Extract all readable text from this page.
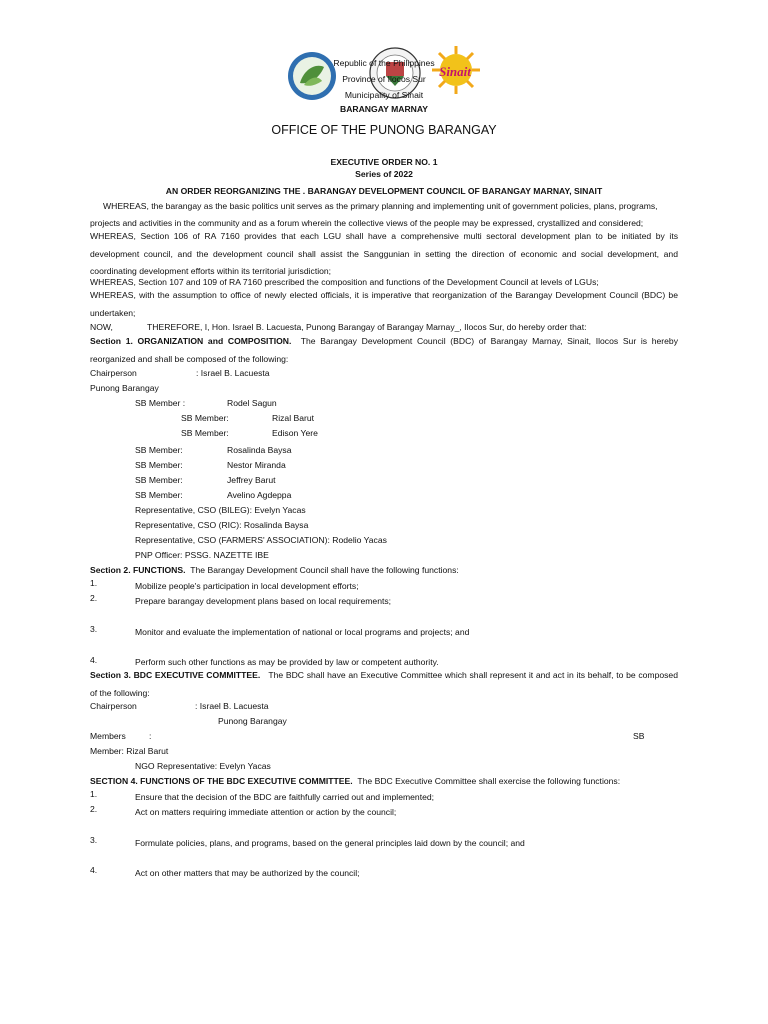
Sinait
Republic of the Philippines
Province of Ilocos Sur
Municipality of Sinait
BARANGAY MARNAY
OFFICE OF THE PUNONG BARANGAY
EXECUTIVE ORDER NO. 1
Series of 2022
AN ORDER REORGANIZING THE . BARANGAY DEVELOPMENT COUNCIL OF BARANGAY MARNAY, SINAIT
WHEREAS, the barangay as the basic politics unit serves as the primary planning and implementing unit of government policies, plans, programs,
projects and activities in the community and as a forum wherein the collective views of the people may be expressed, crystallized and considered;
WHEREAS, Section 106 of RA 7160 provides that each LGU shall have a comprehensive multi sectoral development plan to be initiated by its development council, and the development council shall assist the Sanggunian in setting the direction of economic and social development, and coordinating development efforts within its territorial jurisdiction;
WHEREAS, Section 107 and 109 of RA 7160 prescribed the composition and functions of the Development Council at levels of LGUs;
WHEREAS, with the assumption to office of newly elected officials, it is imperative that reorganization of the Barangay Development Council (BDC) be undertaken;
NOW,	THEREFORE, I, Hon. Israel B. Lacuesta, Punong Barangay of Barangay Marnay_, Ilocos Sur, do hereby order that:
Section 1. ORGANIZATION and COMPOSITION. The Barangay Development Council (BDC) of Barangay Marnay, Sinait, Ilocos Sur is hereby reorganized and shall be composed of the following:
Chairperson	: Israel B. Lacuesta
Punong Barangay
SB Member :	Rodel Sagun
SB Member:	Rizal Barut
SB Member:	Edison Yere
SB Member:	Rosalinda Baysa
SB Member:	Nestor Miranda
SB Member:	Jeffrey Barut
SB Member:	Avelino Agdeppa
Representative, CSO (BILEG): Evelyn Yacas
Representative, CSO (RIC): Rosalinda Baysa
Representative, CSO (FARMERS' ASSOCIATION): Rodelio Yacas
PNP Officer: PSSG. NAZETTE IBE
Section 2. FUNCTIONS. The Barangay Development Council shall have the following functions:
1.	Mobilize people's participation in local development efforts;
2.	Prepare barangay development plans based on local requirements;
3.	Monitor and evaluate the implementation of national or local programs and projects; and
4.	Perform such other functions as may be provided by law or competent authority.
Section 3. BDC EXECUTIVE COMMITTEE. The BDC shall have an Executive Committee which shall represent it and act in its behalf, to be composed of the following:
Chairperson	: Israel B. Lacuesta
Punong Barangay
Members	:	SB
Member: Rizal Barut
NGO Representative: Evelyn Yacas
SECTION 4. FUNCTIONS OF THE BDC EXECUTIVE COMMITTEE. The BDC Executive Committee shall exercise the following functions:
1.	Ensure that the decision of the BDC are faithfully carried out and implemented;
2.	Act on matters requiring immediate attention or action by the council;
3.	Formulate policies, plans, and programs, based on the general principles laid down by the council; and
4.	Act on other matters that may be authorized by the council;
